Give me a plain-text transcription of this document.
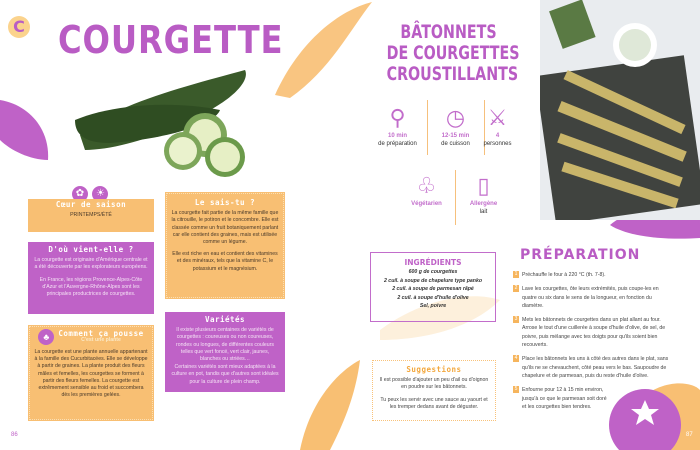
C COURGETTE
✿ ☀
Cœur de saison

PRINTEMPS/ÉTÉ

D'où vient-elle ?

La courgette est originaire d'Amérique centrale et a été découverte par les explorateurs européens.

En France, les régions Provence-Alpes-Côte d'Azur et l'Auvergne-Rhône-Alpes sont les principales productrices de courgettes.

Le sais-tu ?

La courgette fait partie de la même famille que la citrouille, le potiron et le concombre. Elle est classée comme un fruit botaniquement parlant car elle contient des graines, mais est utilisée comme un légume.

Elle est riche en eau et contient des vitamines et des minéraux, tels que la vitamine C, le potassium et le magnésium.

♣	Comment ça pousse
C'est une plante

La courgette est une plante annuelle appartenant à la famille des Cucurbitacées. Elle se développe à partir de graines. La plante produit des fleurs mâles et femelles, les courgettes se forment à partir des fleurs femelles. La courgette est extrêmement sensible au froid et succombera dès les premières gelées.

Variétés

Il existe plusieurs centaines de variétés de courgettes : coureuses ou non coureuses, rondes ou longues, de différentes couleurs telles que vert foncé, vert clair, jaunes, blanches ou striées…

Certaines variétés sont mieux adaptées à la culture en pot, tandis que d'autres sont idéales pour la culture de plein champ.

86
BÂTONNETS
DE COURGETTES
CROUSTILLANTS
⚲
10 min
de préparation
◷
12-15 min
de cuisson
⚔
4
personnes
♧
Végétarien
▯
Allergène
lait
INGRÉDIENTS
600 g de courgettes
2 cuil. à soupe de chapelure type panko
2 cuil. à soupe de parmesan râpé
2 cuil. à soupe d'huile d'olive
Sel, poivre
Suggestions

Il est possible d'ajouter un peu d'ail ou d'oignon en poudre sur les bâtonnets.

Tu peux les servir avec une sauce au yaourt et les tremper dedans avant de déguster.

PRÉPARATION
1 Préchauffe le four à 220 °C (th. 7-8).
2 Lave les courgettes, ôte leurs extrémités, puis coupe-les en quatre ou six dans le sens de la longueur, en fonction du diamètre.
3 Mets les bâtonnets de courgettes dans un plat allant au four. Arrose le tout d'une cuillerée à soupe d'huile d'olive, de sel, de poivre, puis mélange avec tes doigts pour qu'ils soient bien recouverts.
4 Place les bâtonnets les uns à côté des autres dans le plat, sans qu'ils ne se chevauchent, côté peau vers le bas. Saupoudre de chapelure et de parmesan, puis du reste d'huile d'olive.
5 Enfourne pour 12 à 15 min environ, jusqu'à ce que le parmesan soit doré et les courgettes bien tendres.
87
